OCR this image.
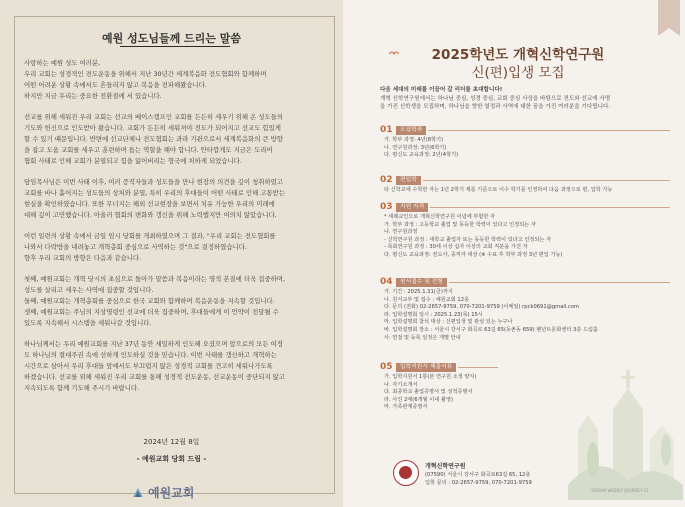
예원 성도님들께 드리는 말씀

사랑하는 예원 성도 여러분,

우리 교회는 성경적인 전도운동을 위해서 지난 30년간 세계복음화 전도협회와 함께하며
어떤 어려운 상황 속에서도 흔들리지 않고 복음을 전파해왔습니다.
하지만 지금 우리는 중요한 전환점에 서 있습니다.

선교를 위해 세워진 우리 교회는 선교의 베이스캠프인 교회를 든든히 세우기 위해 온 성도들의
기도와 헌신으로 인도받아 왔습니다. 교회가 든든히 세워져야 전도가 되어지고 선교도 힘있게
할 수 있기 때문입니다. 반면에 선교단체나 전도협회는 과라 기관으로서 세계복음화의 큰 방향
을 잡고 도움 교회를 세우고 훈련하며 돕는 역할을 해야 합니다. 안타깝게도 지금은 도리어
협회 사태로 인해 교회가 분열되고 힘을 잃어버리는 형국에 처하게 되었습니다.

담임목사님은 이번 사태 이후, 여러 증직자들과 성도들을 만나 현장의 의견을 깊이 청취하였고
교회를 바나 흩어지는 성도들의 상처와 분열, 특히 우리의 후대들이 어떤 사태로 인해 고통받는
현실을 확인하였습니다. 또한 무너지는 해외 선교현장을 보면서 치유 가능한 우리의 미래에
대해 깊이 고민했습니다. 아울러 협회의 변화와 갱신을 위해 노력했지만 여의치 않았습니다.

이런 일련의 상황 속에서 금일 임시 당회를 개최하였으며 그 결과, "우리 교회는 전도협회를
나와서 다락방을 내려놓고 개혁총회 중심으로 사역하는 것"으로 결정하였습니다.
향후 우리 교회의 방향은 다음과 같습니다.

첫째, 예원교회는 개혁 당시의 초심으로 돌아가 말씀과 복음이라는 영적 본질에 더욱 집중하며,
성도를 살리고 세우는 사역에 집중할 것입니다.
둘째, 예원교회는 개혁총회를 중심으로 한국 교회와 함께하며 복음운동을 지속할 것입니다.
셋째, 예원교회는 주님의 지상명령인 선교에 더욱 집중하며, 후대들에게 이 언약이 전달될 수
있도록 지속해서 시스템을 세워나갈 것입니다.

하나님께서는 우리 예원교회를 지난 37년 동안 세밀하게 인도해 오셨으며 앞으로의 모든 여정
도 하나님의 절대주권 속에 선하게 인도하실 것을 믿습니다. 이번 사태를 갱신하고 개혁하는
시간으로 삼아서 우리 후대들 앞에서도 부끄럽지 않은 성경적 교회를 견고히 세워나가도록
하겠습니다. 선교를 위해 세워진 우리 교회를 통해 성경적 전도운동, 선교운동이 중단되지 않고
지속되도록 함께 기도해 주시기 바랍니다.

2024년 12월 8일
- 예원교회 당회 드림 -
예원교회
2025학년도 개혁신학연구원
신(편)입생 모집
다음 세대의 미래를 이끌어 갈 리더를 초대합니다!
개혁 신학연구원에서는 하나님 중심, 성경 중심, 교회 중심 사상을 바탕으로 전도와 선교에 사명
을 가진 신학생을 모집하며, 하나님을 향한 열정과 사역에 대한 꿈을 가진 여러분을 기다립니다.
01	모집학과
가. 학부 과정: 4년(8학기)
나. 연구원과정: 3년(6학기)
다. 평신도 교육과정: 2년(4학기)
02	편입학
타 신학교에 수학한 자는 1년 2학기 제를 기준으로 이수 학기를 인정하여 다음 과정으로 편, 입학 가능
03	지원 자격
* 세례교인으로 개혁신학연구원 이념에 부합한 자
가. 학부 과정 : 고등학교 졸업 및 동등한 학력이 있다고 인정되는 자
나. 연구원과정
- 신학연구원 과정 : 대학교 졸업자 또는 동등한 학력이 있다고 인정되는 자
- 목회연구원 과정 : 30세 이상 십자 이상의 교회 직분을 가진 자
다. 평신도 교육과정: 전도사, 중직자 대상 (※ 수료 후 학부 과정 3년 편입 가능)
04	원서접수 및 전형
가. 기간 : 2025.1.31(금)까지
나. 원서교부 및 접수 : 예원교회 12층
다. 문의 (전화) 02-2657-9759, 070-7201-9759 (이메일) rpck0691@gmail.com
라. 입학설명회 일시 : 2025.1.23(목) 15시
마. 입학설명회 참석 대상 : 신편입생 및 관심 있는 누구나
바. 입학설명회 장소 : 서울시 강서구 화곡로 63길 65(등촌동 659) 펜년트문화센터 3층 드림홀
사. 면접 및 등록 일정은 개별 안내
05	입학지원서 제출서류
가. 입학지원서 1통(본 연구원 소정 양식)
나. 자기소개서
다. 최종학교 졸업증명서 및 성적증명서
라. 사진 2매(6개월 이내 촬영)
마. 가족관계증명서
개혁신학연구원
(07590) 서울시 강서구 화곡로63길 65, 12층
입학 문의 : 02-2657-9759, 070-7201-9759
YEWON WEEKLY JOURNEY 21
